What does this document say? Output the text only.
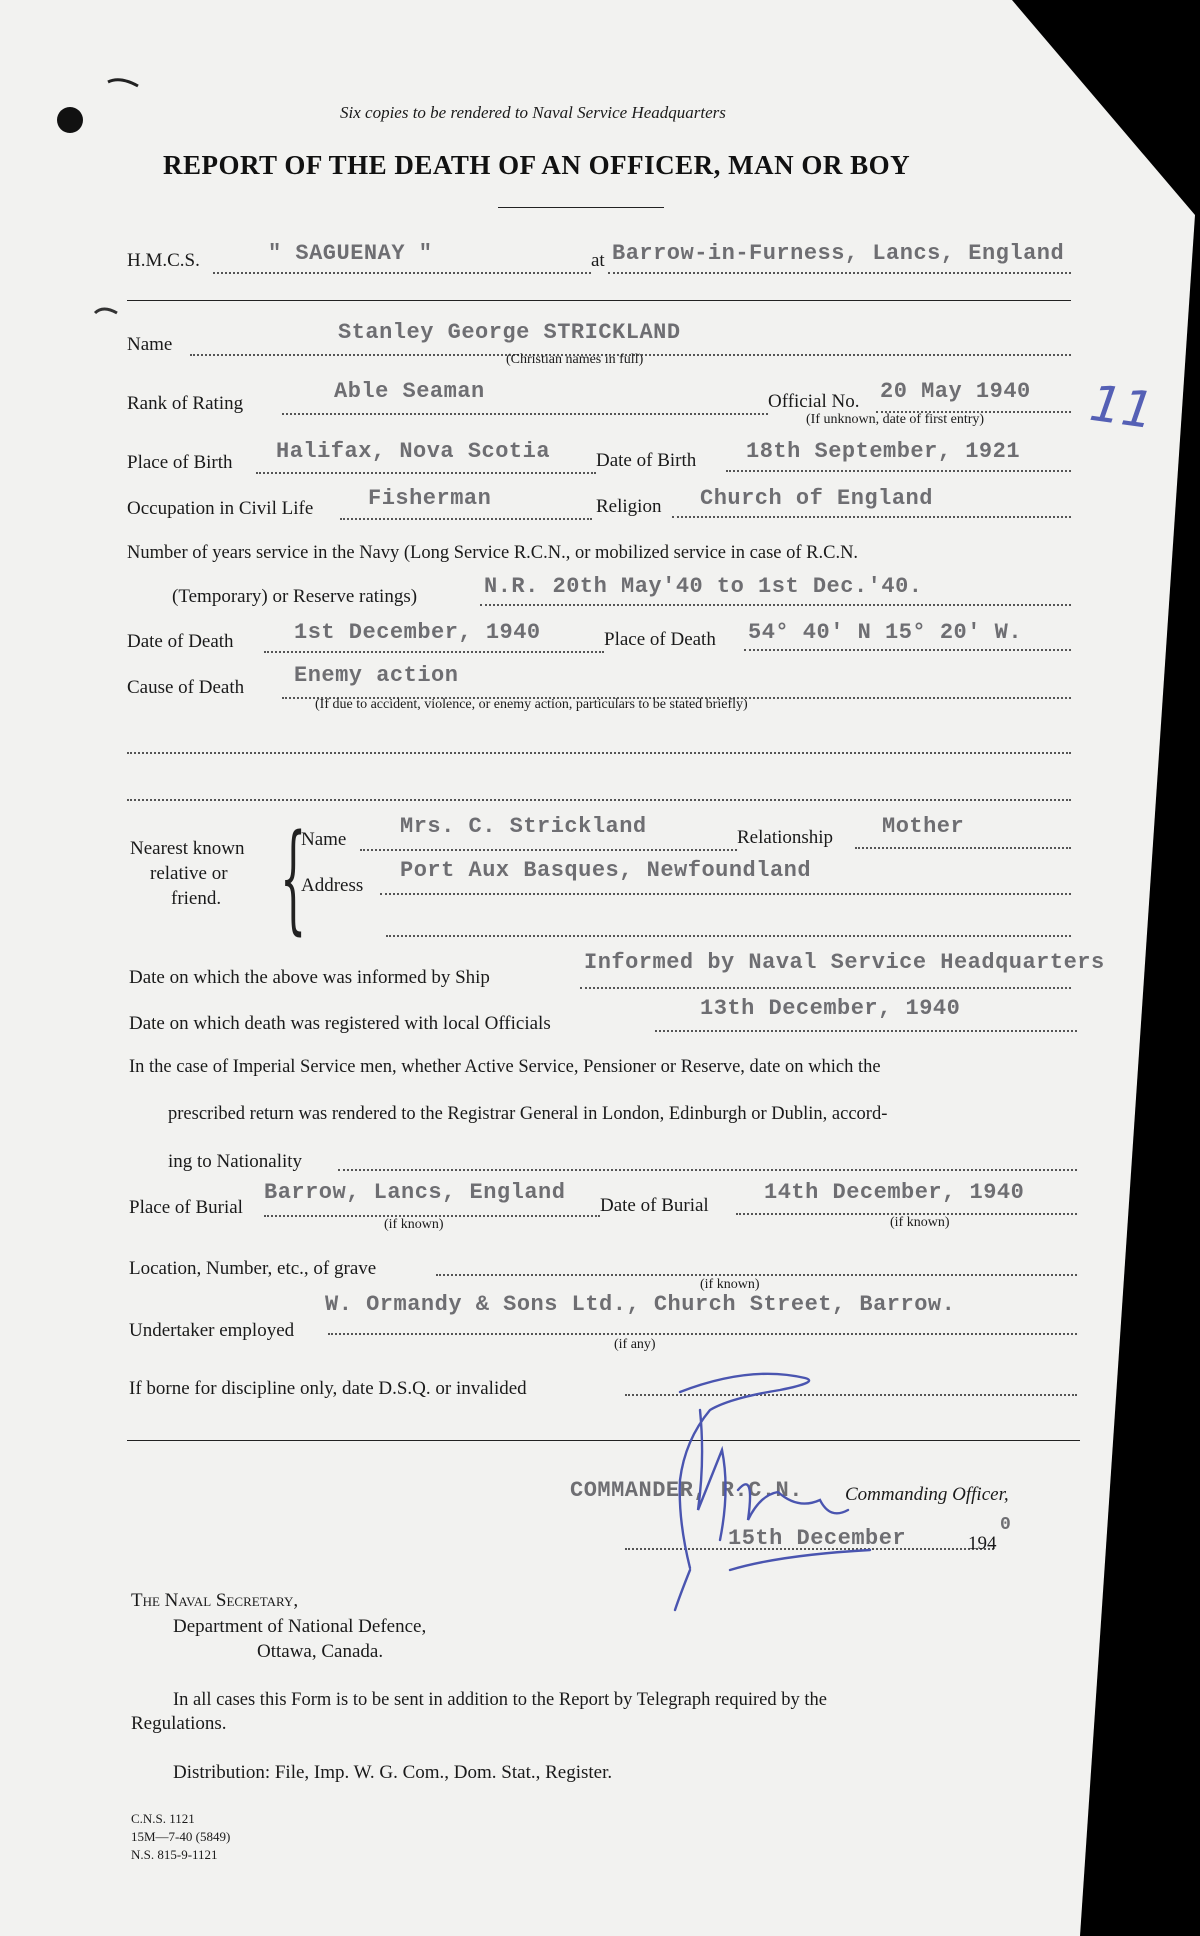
Six copies to be rendered to Naval Service Headquarters
REPORT OF THE DEATH OF AN OFFICER, MAN OR BOY
H.M.C.S.	" SAGUENAY "	at Barrow-in-Furness, Lancs, England
Name	Stanley George STRICKLAND
(Christian names in full)
Rank of Rating	Able Seaman	Official No. 20 May 1940
(If unknown, date of first entry) 11
Place of Birth Halifax, Nova Scotia Date of Birth 18th September, 1921
Occupation in Civil Life Fisherman	Religion Church of England
Number of years service in the Navy (Long Service R.C.N., or mobilized service in case of R.C.N.
(Temporary) or Reserve ratings)	N.R. 20th May'40 to 1st Dec.'40.
Date of Death	1st December, 1940	Place of Death 54° 40' N 15° 20' W.
Cause of Death Enemy action
(If due to accident, violence, or enemy action, particulars to be stated briefly)
Nearest known
relative or
friend. {
Name
Mrs. C. Strickland	Relationship Mother
Address
Port Aux Basques, Newfoundland
Date on which the above was informed by Ship
Informed by Naval Service Headquarters
Date on which death was registered with local Officials
13th December, 1940
In the case of Imperial Service men, whether Active Service, Pensioner or Reserve, date on which the
prescribed return was rendered to the Registrar General in London, Edinburgh or Dublin, accord-
ing to Nationality
Place of Burial
Barrow, Lancs, England
(if known)
Date of Burial
14th December, 1940
(if known)
Location, Number, etc., of grave
(if known)
Undertaker employed
W. Ormandy & Sons Ltd., Church Street, Barrow.
(if any)
If borne for discipline only, date D.S.Q. or invalided
COMMANDER, R.C.N. Commanding Officer,
15th December	194
0
The Naval Secretary,
Department of National Defence,
Ottawa, Canada.
In all cases this Form is to be sent in addition to the Report by Telegraph required by the
Regulations.
Distribution: File, Imp. W. G. Com., Dom. Stat., Register.
C.N.S. 1121
15M—7-40 (5849)
N.S. 815-9-1121
